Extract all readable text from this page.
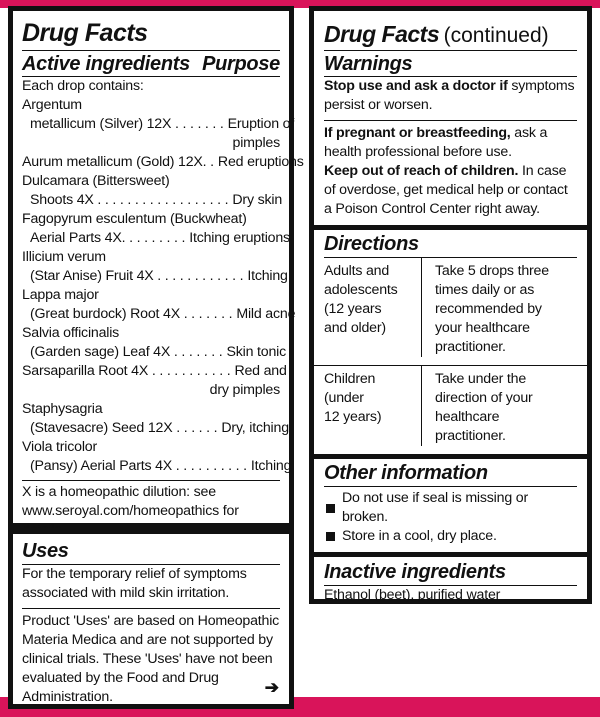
Drug Facts
Active ingredients Purpose
Each drop contains:
Argentum
metallicum (Silver) 12X . . . . . . . Eruption of
pimples
Aurum metallicum (Gold) 12X. . Red eruptions
Dulcamara (Bittersweet)
Shoots 4X . . . . . . . . . . . . . . . . . . Dry skin
Fagopyrum esculentum (Buckwheat)
Aerial Parts 4X. . . . . . . . . Itching eruptions
Illicium verum
(Star Anise) Fruit 4X . . . . . . . . . . . . Itching
Lappa major
(Great burdock) Root 4X . . . . . . . Mild acne
Salvia officinalis
(Garden sage) Leaf 4X . . . . . . . Skin tonic
Sarsaparilla Root 4X . . . . . . . . . . . Red and
dry pimples
Staphysagria
(Stavesacre) Seed 12X . . . . . . Dry, itching
Viola tricolor
(Pansy) Aerial Parts 4X . . . . . . . . . . Itching
X is a homeopathic dilution: see
www.seroyal.com/homeopathics for
Uses
For the temporary relief of symptoms
associated with mild skin irritation.
Product 'Uses' are based on Homeopathic
Materia Medica and are not supported by
clinical trials. These 'Uses' have not been
evaluated by the Food and Drug
Administration.	➔
Drug Facts (continued)
Warnings
Stop use and ask a doctor if symptoms
persist or worsen.
If pregnant or breastfeeding, ask a
health professional before use.
Keep out of reach of children. In case
of overdose, get medical help or contact
a Poison Control Center right away.
Directions
Adults and
adolescents
(12 years
and older)
Take 5 drops three
times daily or as
recommended by
your healthcare
practitioner.
Children
(under
12 years)
Take under the
direction of your
healthcare
practitioner.
Other information
Do not use if seal is missing or broken.
Store in a cool, dry place.
Inactive ingredients
Ethanol (beet), purified water
